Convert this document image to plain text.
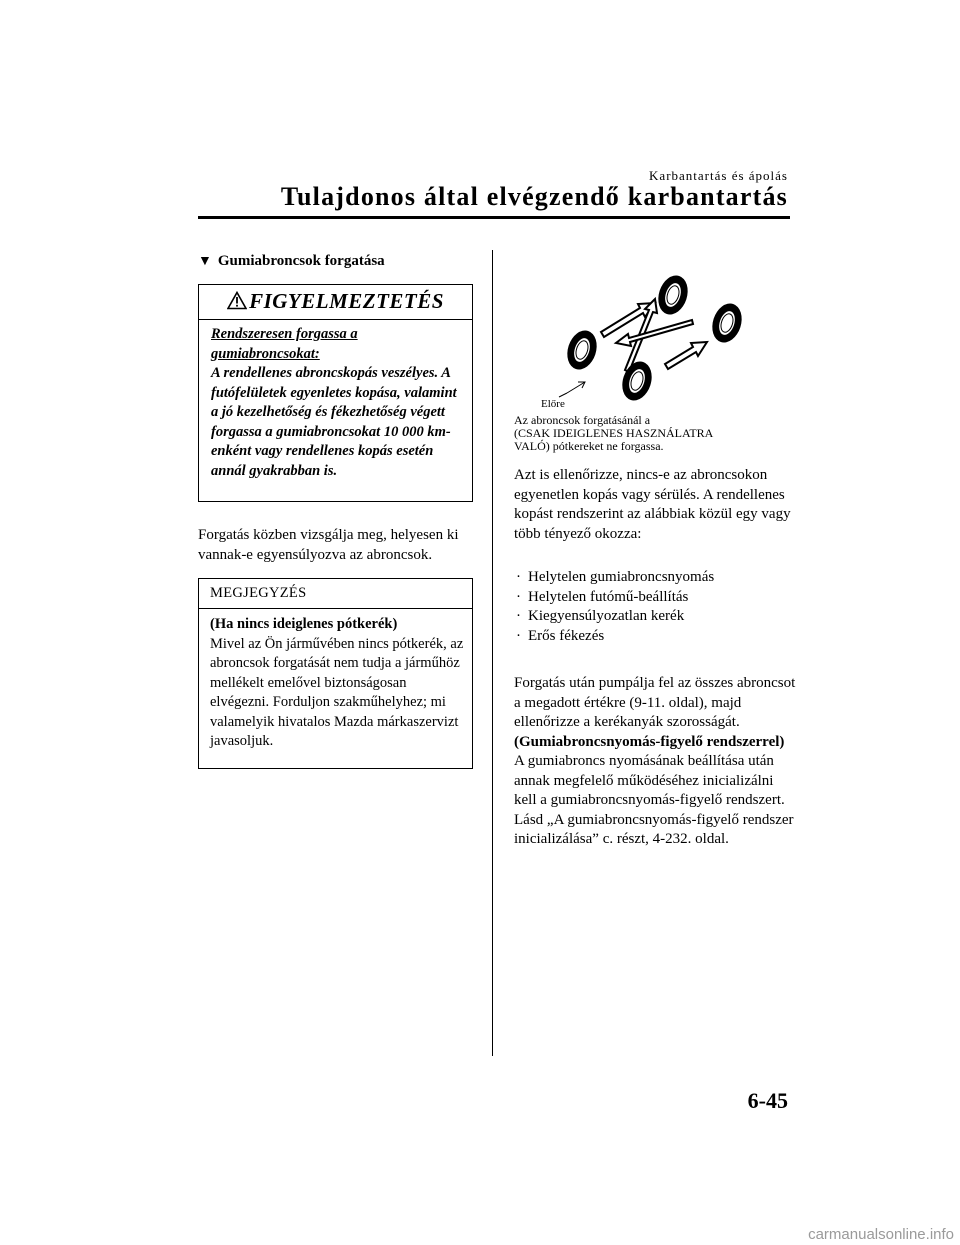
Karbantartás és ápolás
Tulajdonos által elvégzendő karbantartás
▼ Gumiabroncsok forgatása
FIGYELMEZTETÉS
Rendszeresen forgassa a
gumiabroncsokat:
A rendellenes abroncskopás veszélyes. A futófelületek egyenletes kopása, valamint a jó kezelhetőség és fékezhetőség végett forgassa a gumiabroncsokat 10 000 km-enként vagy rendellenes kopás esetén annál gyakrabban is.
Forgatás közben vizsgálja meg, helyesen ki vannak-e egyensúlyozva az abroncsok.
MEGJEGYZÉS
(Ha nincs ideiglenes pótkerék)
Mivel az Ön járművében nincs pótkerék, az abroncsok forgatását nem tudja a járműhöz mellékelt emelővel biztonságosan elvégezni. Forduljon szakműhelyhez; mi valamelyik hivatalos Mazda márkaszervizt javasoljuk.
Előre
Az abroncsok forgatásánál a
(CSAK IDEIGLENES HASZNÁLATRA
VALÓ) pótkereket ne forgassa.
Azt is ellenőrizze, nincs-e az abroncsokon egyenetlen kopás vagy sérülés. A rendellenes kopást rendszerint az alábbiak közül egy vagy több tényező okozza:
· Helytelen gumiabroncsnyomás
· Helytelen futómű-beállítás
· Kiegyensúlyozatlan kerék
· Erős fékezés
Forgatás után pumpálja fel az összes abroncsot a megadott értékre (9-11. oldal), majd ellenőrizze a kerékanyák szorosságát.
(Gumiabroncsnyomás-figyelő rendszerrel)
A gumiabroncs nyomásának beállítása után annak megfelelő működéséhez inicializálni kell a gumiabroncsnyomás-figyelő rendszert. Lásd „A gumiabroncsnyomás-figyelő rendszer inicializálása” c. részt, 4-232. oldal.
6-45
carmanualsonline.info
